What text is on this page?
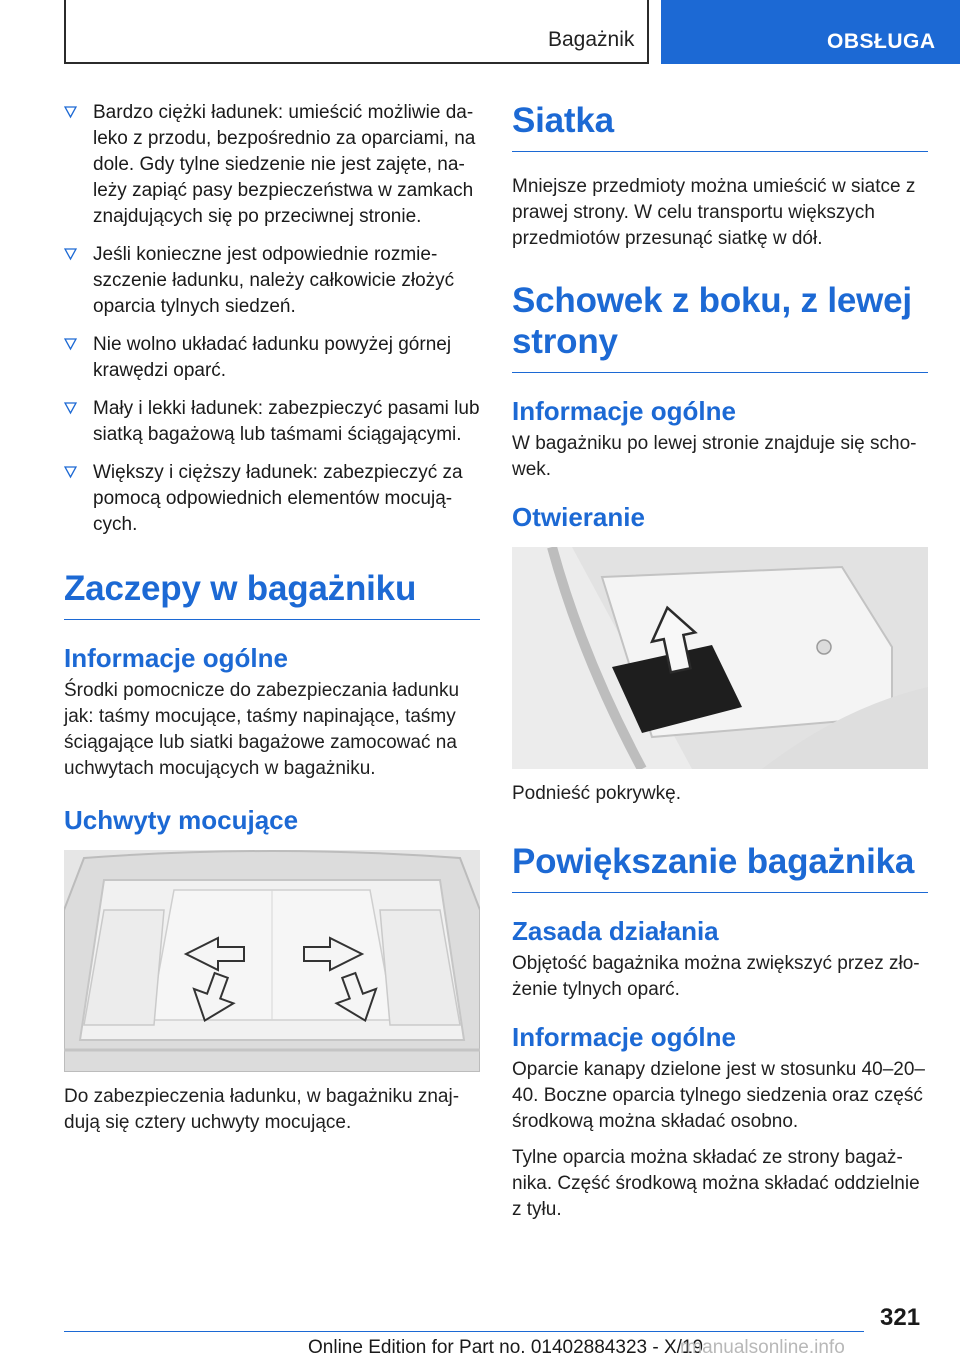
Bagażnik	OBSŁUGA
Bardzo ciężki ładunek: umieścić możliwie daleko z przodu, bezpośrednio za oparciami, na dole. Gdy tylne siedzenie nie jest zajęte, należy zapiąć pasy bezpieczeństwa w zamkach znajdujących się po przeciwnej stronie.
Jeśli konieczne jest odpowiednie rozmieszczenie ładunku, należy całkowicie złożyć oparcia tylnych siedzeń.
Nie wolno układać ładunku powyżej górnej krawędzi oparć.
Mały i lekki ładunek: zabezpieczyć pasami lub siatką bagażową lub taśmami ściągającymi.
Większy i cięższy ładunek: zabezpieczyć za pomocą odpowiednich elementów mocujących.
Zaczepy w bagażniku
Informacje ogólne

Środki pomocnicze do zabezpieczania ładunku jak: taśmy mocujące, taśmy napinające, taśmy ściągające lub siatki bagażowe zamocować na uchwytach mocujących w bagażniku.

Uchwyty mocujące

Do zabezpieczenia ładunku, w bagażniku znajdują się cztery uchwyty mocujące.

Siatka

Mniejsze przedmioty można umieścić w siatce z prawej strony. W celu transportu większych przedmiotów przesunąć siatkę w dół.

Schowek z boku, z lewej strony
Informacje ogólne

W bagażniku po lewej stronie znajduje się schowek.

Otwieranie

Podnieść pokrywkę.

Powiększanie bagażnika
Zasada działania

Objętość bagażnika można zwiększyć przez złożenie tylnych oparć.

Informacje ogólne

Oparcie kanapy dzielone jest w stosunku 40–20–40. Boczne oparcia tylnego siedzenia oraz część środkową można składać osobno.

Tylne oparcia można składać ze strony bagażnika. Część środkową można składać oddzielnie z tyłu.

321
Online Edition for Part no. 01402884323 - X/19
rmanualsonline.info
